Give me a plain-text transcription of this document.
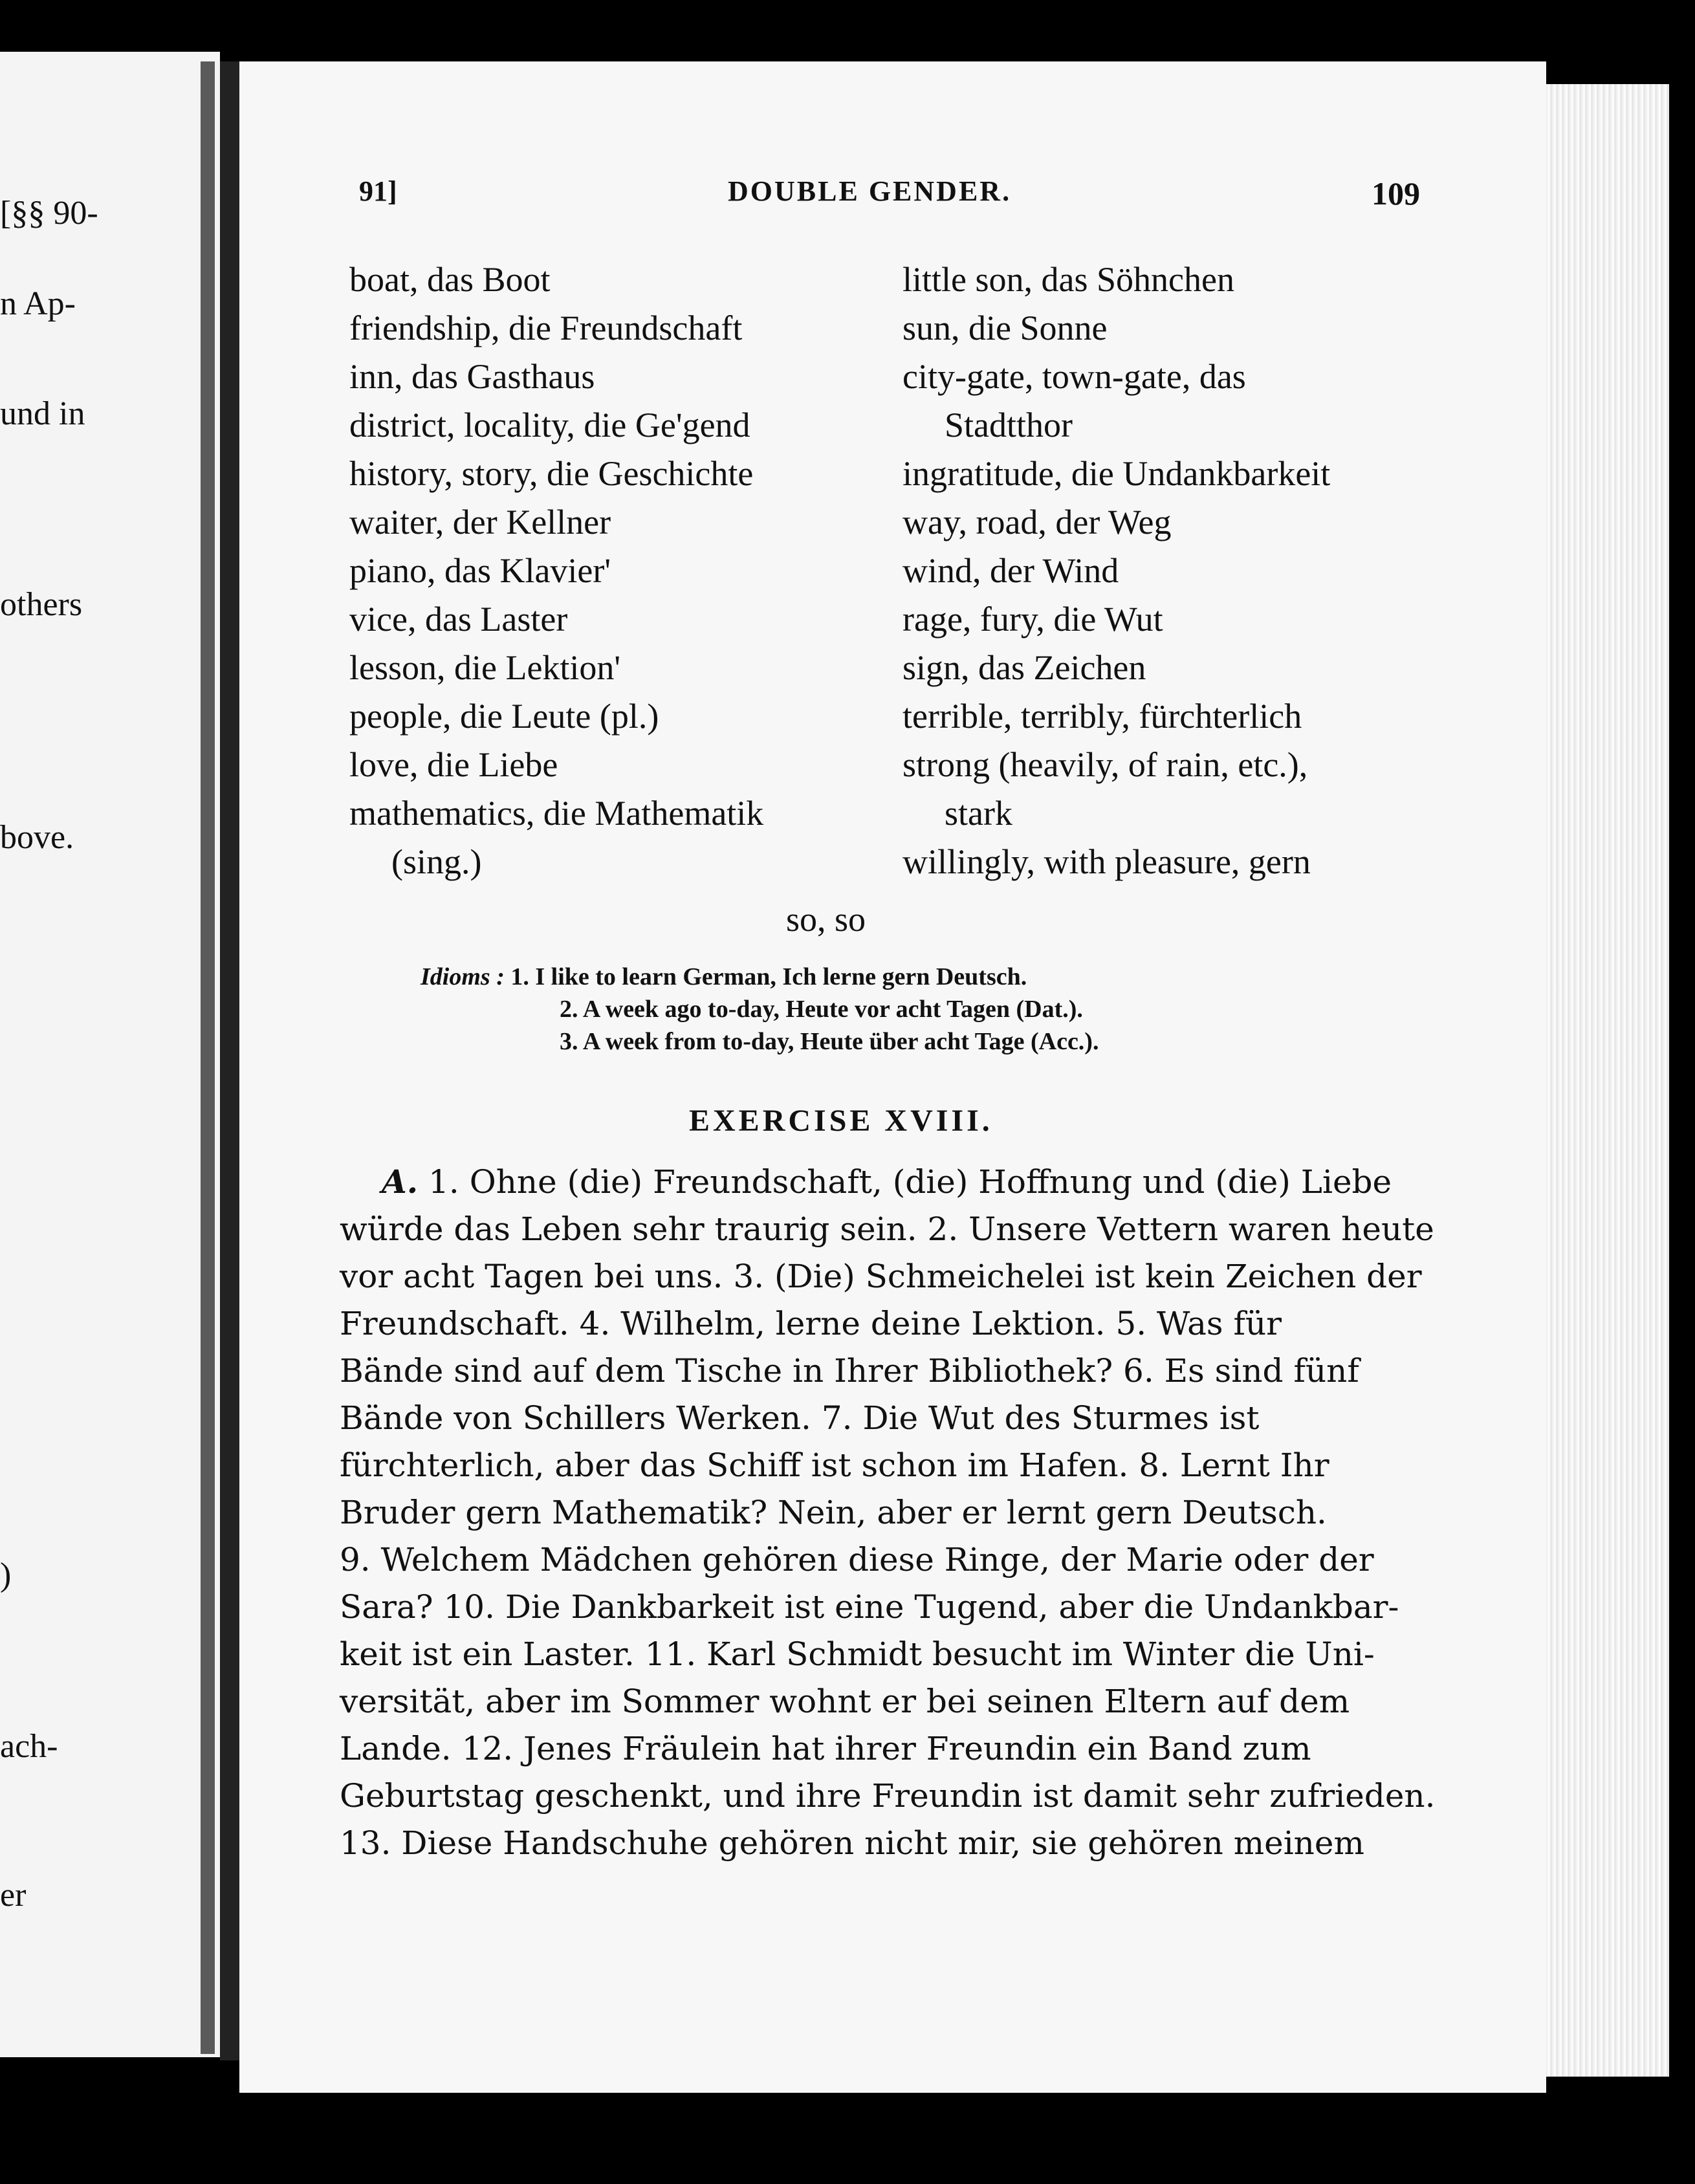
[§§ 90-
n Ap-
und in
others
bove.
)
ach-
er
91]	DOUBLE GENDER.	109
boat, das Boot
friendship, die Freundschaft
inn, das Gasthaus
district, locality, die Ge'gend
history, story, die Geschichte
waiter, der Kellner
piano, das Klavier'
vice, das Laster
lesson, die Lektion'
people, die Leute (pl.)
love, die Liebe
mathematics, die Mathematik
(sing.)
little son, das Söhnchen
sun, die Sonne
city-gate, town-gate, das
Stadtthor
ingratitude, die Undankbarkeit
way, road, der Weg
wind, der Wind
rage, fury, die Wut
sign, das Zeichen
terrible, terribly, fürchterlich
strong (heavily, of rain, etc.),
stark
willingly, with pleasure, gern
so, so
Idioms : 1. I like to learn German, Ich lerne gern Deutsch.
2. A week ago to-day, Heute vor acht Tagen (Dat.).
3. A week from to-day, Heute über acht Tage (Acc.).
EXERCISE XVIII.
A. 1. Ohne (die) Freundschaft, (die) Hoffnung und (die) Liebe
würde das Leben sehr traurig sein. 2. Unsere Vettern waren heute
vor acht Tagen bei uns. 3. (Die) Schmeichelei ist kein Zeichen der
Freundschaft. 4. Wilhelm, lerne deine Lektion. 5. Was für
Bände sind auf dem Tische in Ihrer Bibliothek? 6. Es sind fünf
Bände von Schillers Werken. 7. Die Wut des Sturmes ist
fürchterlich, aber das Schiff ist schon im Hafen. 8. Lernt Ihr
Bruder gern Mathematik? Nein, aber er lernt gern Deutsch.
9. Welchem Mädchen gehören diese Ringe, der Marie oder der
Sara? 10. Die Dankbarkeit ist eine Tugend, aber die Undankbar-
keit ist ein Laster. 11. Karl Schmidt besucht im Winter die Uni-
versität, aber im Sommer wohnt er bei seinen Eltern auf dem
Lande. 12. Jenes Fräulein hat ihrer Freundin ein Band zum
Geburtstag geschenkt, und ihre Freundin ist damit sehr zufrieden.
13. Diese Handschuhe gehören nicht mir, sie gehören meinem
